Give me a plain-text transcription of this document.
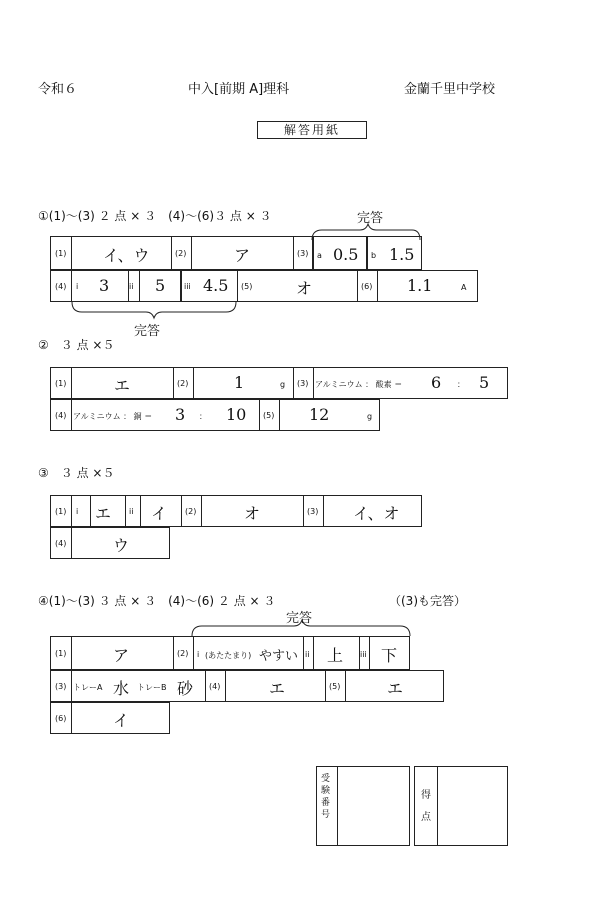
令和６	中入[前期 A]理科	金蘭千里中学校
解答用紙
①(1)～(3) ２ 点 × ３　(4)～(6)３ 点 × ３	完答
(1) イ、ウ	(2)	ア	(3) a 0.5 b 1.5
(4) i 3 ii 5 iii 4.5 (5)	オ	(6) 1.1	A
完答
②　３ 点 ×５
(1)	エ	(2)	1	g (3) アルミニウム ： 酸素 ＝ 6 ： 5
(4) アルミニウム ： 銅 ＝ 3 ： 10 (5) 12	g
③　３ 点 ×５
(1) i エ ii イ (2)	オ	(3) イ、オ
(4)	ウ
④(1)～(3) ３ 点 × ３　(4)～(6) ２ 点 × ３	（(3)も完答）
完答
(1)	ア	(2) i (あたたまり) やすい ii 上 iii 下
(3) トレーA 水 トレーB 砂 (4)	エ	(5)	エ
(6)	イ
受験番号
得点
